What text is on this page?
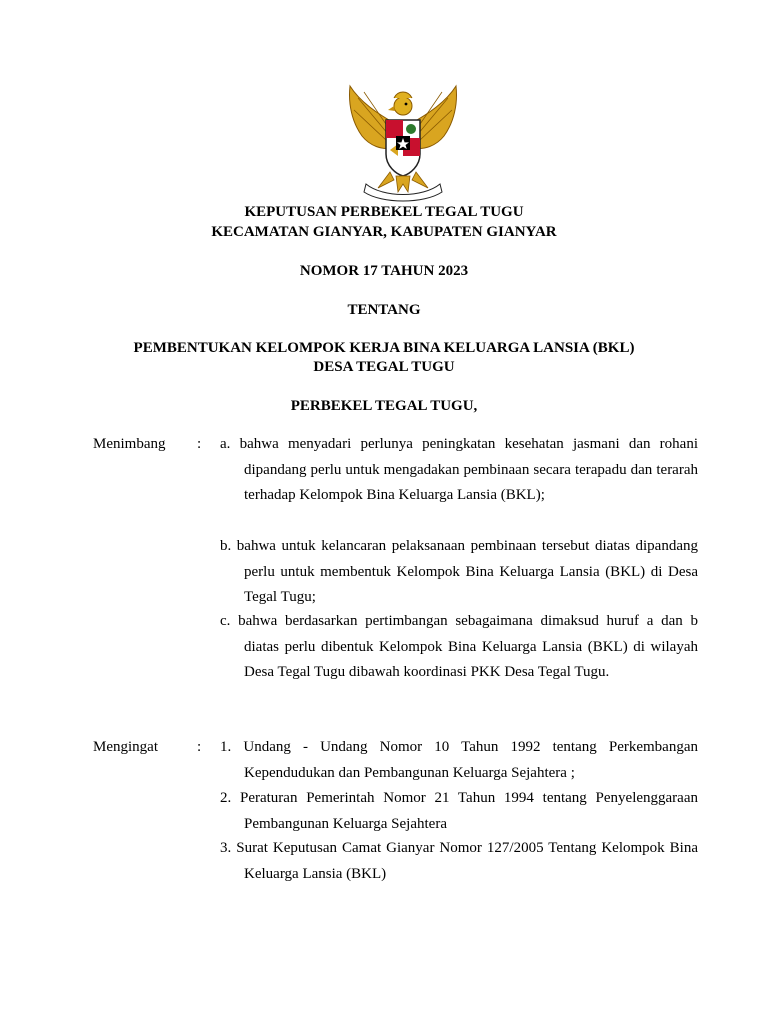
KEPUTUSAN PERBEKEL TEGAL TUGU
KECAMATAN GIANYAR, KABUPATEN GIANYAR
NOMOR 17 TAHUN 2023
TENTANG
PEMBENTUKAN KELOMPOK KERJA BINA KELUARGA LANSIA (BKL)
DESA TEGAL TUGU
PERBEKEL TEGAL TUGU,
Menimbang : a. bahwa menyadari perlunya peningkatan kesehatan jasmani dan rohani dipandang perlu untuk mengadakan pembinaan secara terapadu dan terarah terhadap Kelompok Bina Keluarga Lansia (BKL);
b. bahwa untuk kelancaran pelaksanaan pembinaan tersebut diatas dipandang perlu untuk membentuk Kelompok Bina Keluarga Lansia (BKL) di Desa Tegal Tugu;
c. bahwa berdasarkan pertimbangan sebagaimana dimaksud huruf a dan b diatas perlu dibentuk Kelompok Bina Keluarga Lansia (BKL) di wilayah Desa Tegal Tugu dibawah koordinasi PKK Desa Tegal Tugu.
Mengingat	: 1. Undang - Undang Nomor 10 Tahun 1992 tentang Perkembangan Kependudukan dan Pembangunan Keluarga Sejahtera ;
2. Peraturan Pemerintah Nomor 21 Tahun 1994 tentang Penyelenggaraan Pembangunan Keluarga Sejahtera
3. Surat Keputusan Camat Gianyar Nomor 127/2005 Tentang Kelompok Bina Keluarga Lansia (BKL)
